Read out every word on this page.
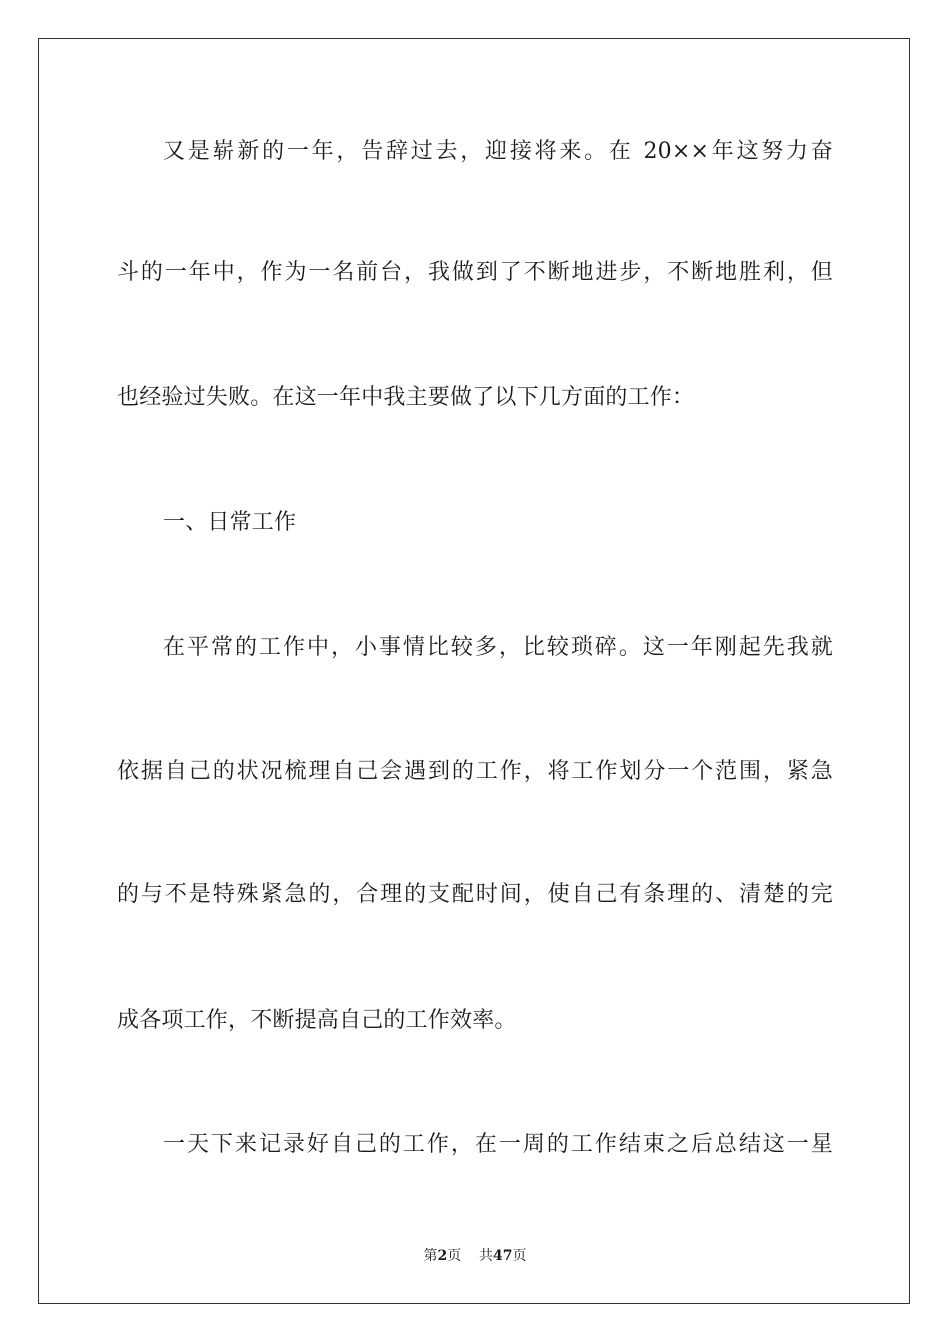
又是崭新的一年，告辞过去，迎接将来。在 20××年这努力奋
斗的一年中，作为一名前台，我做到了不断地进步，不断地胜利，但
也经验过失败。在这一年中我主要做了以下几方面的工作：
一、日常工作
在平常的工作中，小事情比较多，比较琐碎。这一年刚起先我就
依据自己的状况梳理自己会遇到的工作，将工作划分一个范围，紧急
的与不是特殊紧急的，合理的支配时间，使自己有条理的、清楚的完
成各项工作，不断提高自己的工作效率。
一天下来记录好自己的工作，在一周的工作结束之后总结这一星
第2页 共47页
